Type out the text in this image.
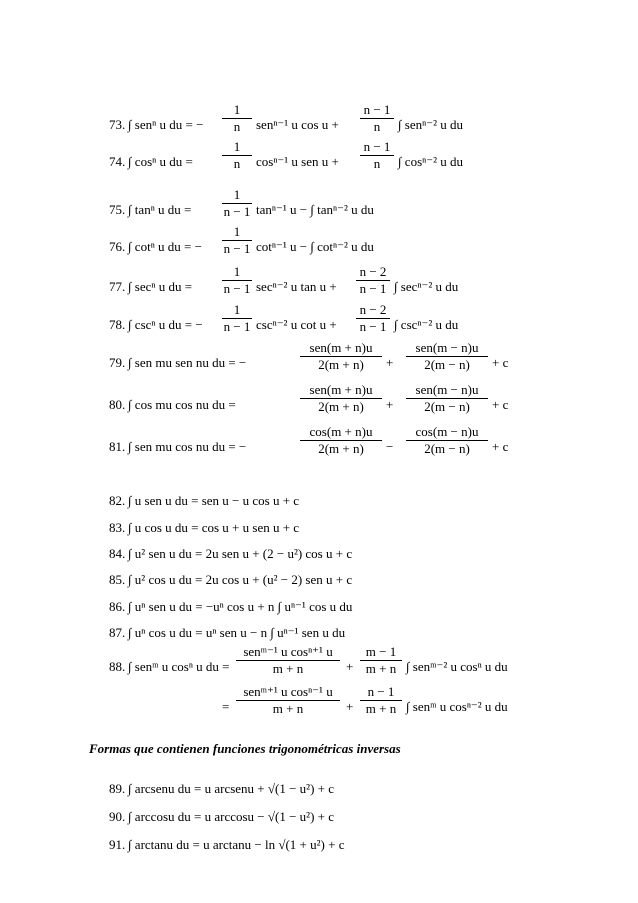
73. ∫ senⁿ u du = −
1
n	senⁿ⁻¹ u cos u +
n − 1
n	∫ senⁿ⁻² u du
74. ∫ cosⁿ u du =
1
n	cosⁿ⁻¹ u sen u +
n − 1
n	∫ cosⁿ⁻² u du
75. ∫ tanⁿ u du =
1
n − 1 tanⁿ⁻¹ u − ∫ tanⁿ⁻² u du
76. ∫ cotⁿ u du = −
1
n − 1 cotⁿ⁻¹ u − ∫ cotⁿ⁻² u du
77. ∫ secⁿ u du =
1
n − 1 secⁿ⁻² u tan u +
n − 2
n − 1 ∫ secⁿ⁻² u du
78. ∫ cscⁿ u du = −
1
n − 1 cscⁿ⁻² u cot u +
n − 2
n − 1 ∫ cscⁿ⁻² u du
79. ∫ sen mu sen nu du = −
sen(m + n)u
2(m + n)	+
sen(m − n)u
2(m − n)	+ c
80. ∫ cos mu cos nu du =
sen(m + n)u
2(m + n)	+
sen(m − n)u
2(m − n)	+ c
81. ∫ sen mu cos nu du = −
cos(m + n)u
2(m + n)	−
cos(m − n)u
2(m − n)	+ c
82. ∫ u sen u du = sen u − u cos u + c
83. ∫ u cos u du = cos u + u sen u + c
84. ∫ u² sen u du = 2u sen u + (2 − u²) cos u + c
85. ∫ u² cos u du = 2u cos u + (u² − 2) sen u + c
86. ∫ uⁿ sen u du = −uⁿ cos u + n ∫ uⁿ⁻¹ cos u du
87. ∫ uⁿ cos u du = uⁿ sen u − n ∫ uⁿ⁻¹ sen u du
88. ∫ senᵐ u cosⁿ u du =
senᵐ⁻¹ u cosⁿ⁺¹ u
m + n	+
m − 1
m + n ∫ senᵐ⁻² u cosⁿ u du
=
senᵐ⁺¹ u cosⁿ⁻¹ u
m + n	+
n − 1
m + n ∫ senᵐ u cosⁿ⁻² u du
Formas que contienen funciones trigonométricas inversas
89. ∫ arcsenu du = u arcsenu + √(1 − u²) + c
90. ∫ arccosu du = u arccosu − √(1 − u²) + c
91. ∫ arctanu du = u arctanu − ln √(1 + u²) + c
